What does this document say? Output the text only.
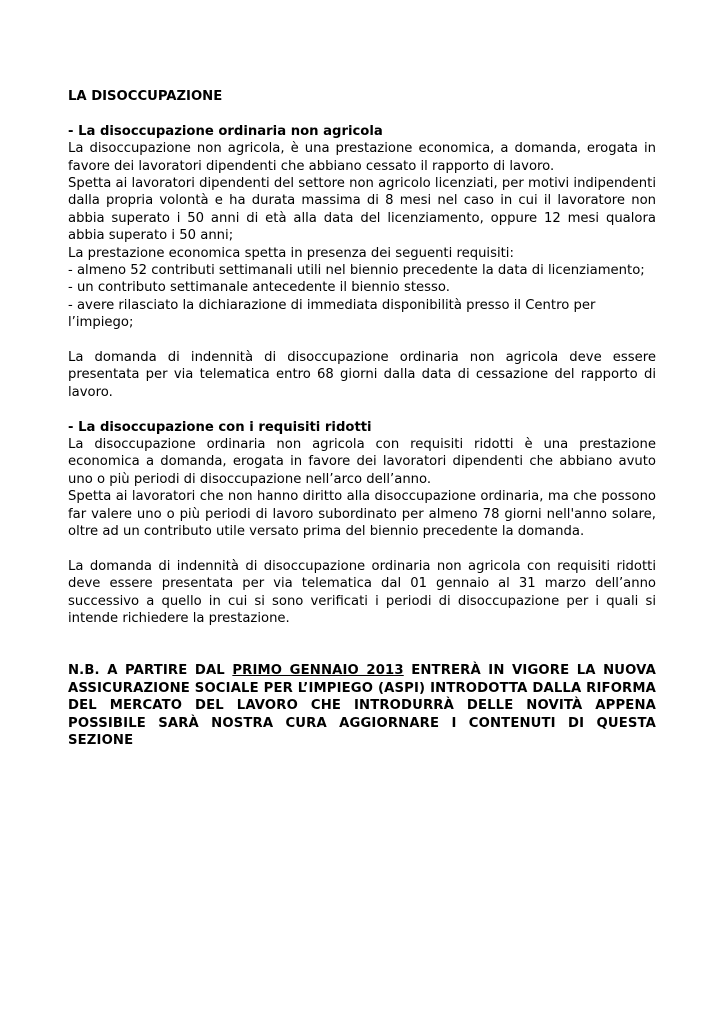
LA DISOCCUPAZIONE

- La disoccupazione ordinaria non agricola

La disoccupazione non agricola, è una prestazione economica, a domanda, erogata in favore dei lavoratori dipendenti che abbiano cessato il rapporto di lavoro.

Spetta ai lavoratori dipendenti del settore non agricolo licenziati, per motivi indipendenti dalla propria volontà e ha durata massima di 8 mesi nel caso in cui il lavoratore non abbia superato i 50 anni di età alla data del licenziamento, oppure 12 mesi qualora abbia superato i 50 anni;

La prestazione economica spetta in presenza dei seguenti requisiti:

- almeno 52 contributi settimanali utili nel biennio precedente la data di licenziamento;
- un contributo settimanale antecedente il biennio stesso.
- avere rilasciato la dichiarazione di immediata disponibilità presso il Centro per l’impiego;

La domanda di indennità di disoccupazione ordinaria non agricola deve essere presentata per via telematica entro 68 giorni dalla data di cessazione del rapporto di lavoro.

- La disoccupazione con i requisiti ridotti

La disoccupazione ordinaria non agricola con requisiti ridotti è una prestazione economica a domanda, erogata in favore dei lavoratori dipendenti che abbiano avuto uno o più periodi di disoccupazione nell’arco dell’anno.

Spetta ai lavoratori che non hanno diritto alla disoccupazione ordinaria, ma che possono far valere uno o più periodi di lavoro subordinato per almeno 78 giorni nell'anno solare, oltre ad un contributo utile versato prima del biennio precedente la domanda.

La domanda di indennità di disoccupazione ordinaria non agricola con requisiti ridotti deve essere presentata per via telematica dal 01 gennaio al 31 marzo dell’anno successivo a quello in cui si sono verificati i periodi di disoccupazione per i quali si intende richiedere la prestazione.

N.B. A PARTIRE DAL PRIMO GENNAIO 2013 ENTRERÀ IN VIGORE LA NUOVA ASSICURAZIONE SOCIALE PER L’IMPIEGO (ASPI) INTRODOTTA DALLA RIFORMA DEL MERCATO DEL LAVORO CHE INTRODURRÀ DELLE NOVITÀ APPENA POSSIBILE SARÀ NOSTRA CURA AGGIORNARE I CONTENUTI DI QUESTA SEZIONE
